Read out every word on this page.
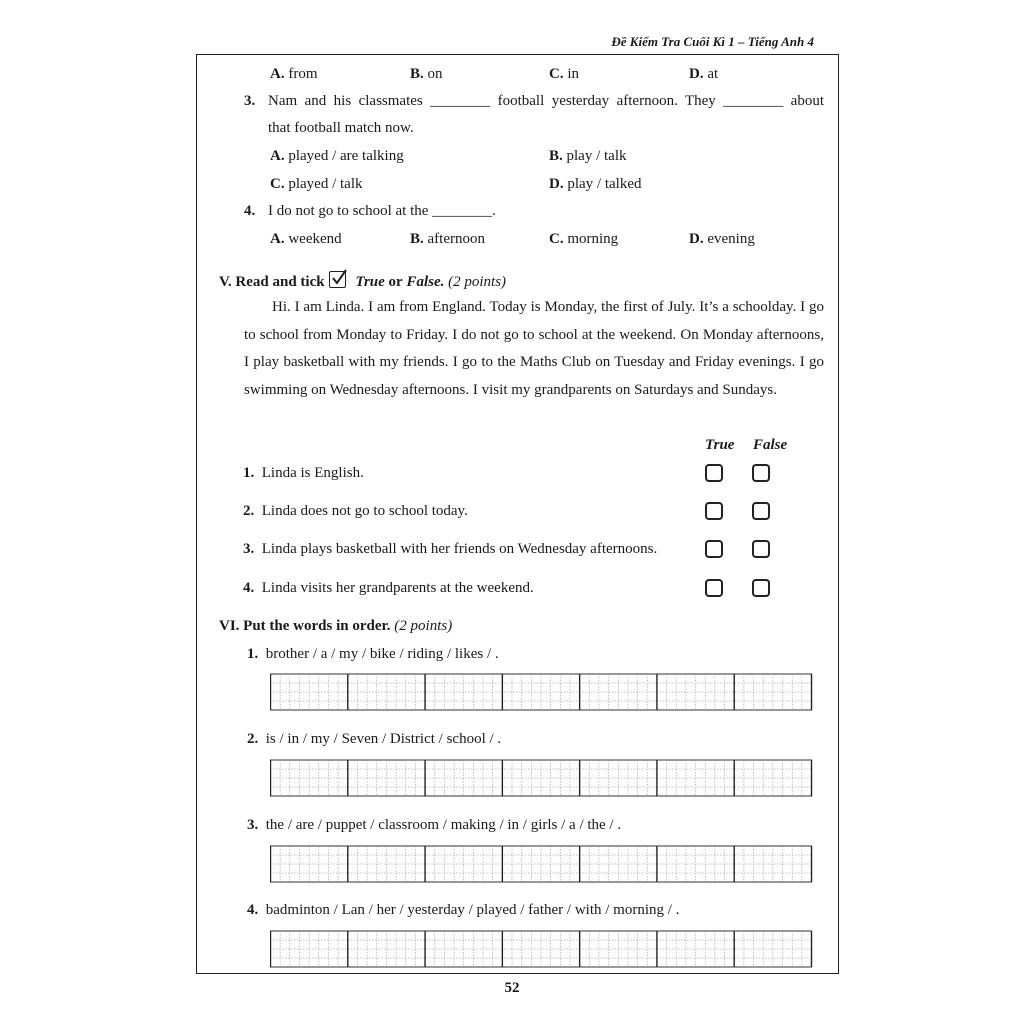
Đề Kiểm Tra Cuối Kì 1 – Tiếng Anh 4
A. from	B. on	C. in	D. at
3. Nam and his classmates ________ football yesterday afternoon. They ________ about
that football match now.
A. played / are talking	B. play / talk
C. played / talk	D. play / talked
4. I do not go to school at the ________.
A. weekend	B. afternoon	C. morning	D. evening
V. Read and tick True or False. (2 points)
Hi. I am Linda. I am from England. Today is Monday, the first of July. It’s a schoolday. I go to school from Monday to Friday. I do not go to school at the weekend. On Monday afternoons, I play basketball with my friends. I go to the Maths Club on Tuesday and Friday evenings. I go swimming on Wednesday afternoons. I visit my grandparents on Saturdays and Sundays.
True False
1. Linda is English.
2. Linda does not go to school today.
3. Linda plays basketball with her friends on Wednesday afternoons.
4. Linda visits her grandparents at the weekend.
VI. Put the words in order. (2 points)
1. brother / a / my / bike / riding / likes / .
2. is / in / my / Seven / District / school / .
3. the / are / puppet / classroom / making / in / girls / a / the / .
4. badminton / Lan / her / yesterday / played / father / with / morning / .
52
